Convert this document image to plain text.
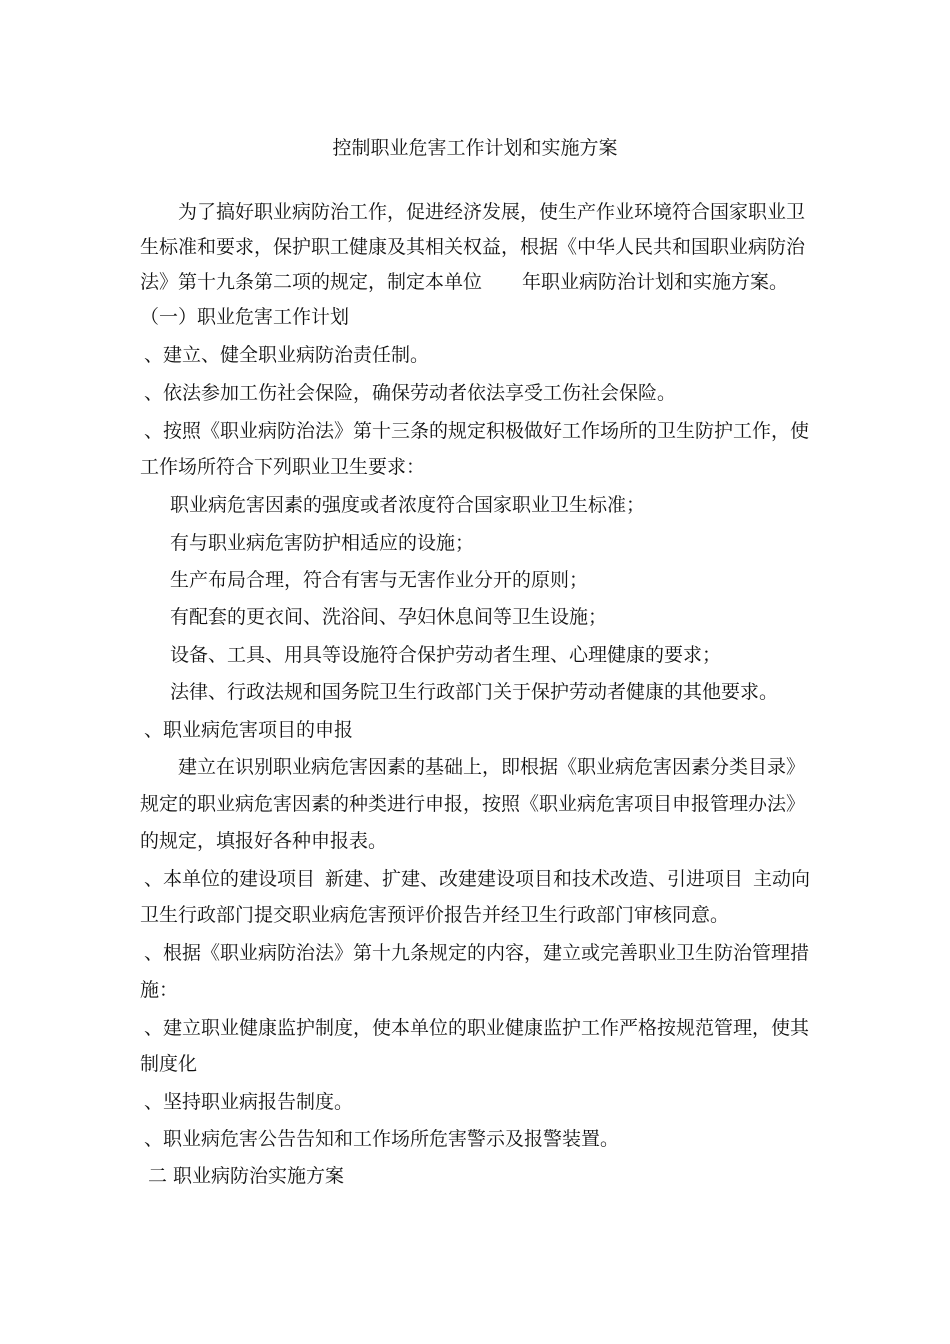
控制职业危害工作计划和实施方案
为了搞好职业病防治工作，促进经济发展，使生产作业环境符合国家职业卫
生标准和要求，保护职工健康及其相关权益，根据《中华人民共和国职业病防治
法》第十九条第二项的规定，制定本单位 年职业病防治计划和实施方案。
（一）职业危害工作计划
、建立、健全职业病防治责任制。
、依法参加工伤社会保险，确保劳动者依法享受工伤社会保险。
、按照《职业病防治法》第十三条的规定积极做好工作场所的卫生防护工作，使
工作场所符合下列职业卫生要求：
职业病危害因素的强度或者浓度符合国家职业卫生标准；
有与职业病危害防护相适应的设施；
生产布局合理，符合有害与无害作业分开的原则；
有配套的更衣间、洗浴间、孕妇休息间等卫生设施；
设备、工具、用具等设施符合保护劳动者生理、心理健康的要求；
法律、行政法规和国务院卫生行政部门关于保护劳动者健康的其他要求。
、职业病危害项目的申报
建立在识别职业病危害因素的基础上，即根据《职业病危害因素分类目录》
规定的职业病危害因素的种类进行申报，按照《职业病危害项目申报管理办法》
的规定，填报好各种申报表。
、本单位的建设项目 新建、扩建、改建建设项目和技术改造、引进项目 主动向
卫生行政部门提交职业病危害预评价报告并经卫生行政部门审核同意。
、根据《职业病防治法》第十九条规定的内容，建立或完善职业卫生防治管理措
施：
、建立职业健康监护制度，使本单位的职业健康监护工作严格按规范管理，使其
制度化
、坚持职业病报告制度。
、职业病危害公告告知和工作场所危害警示及报警装置。
二 职业病防治实施方案
